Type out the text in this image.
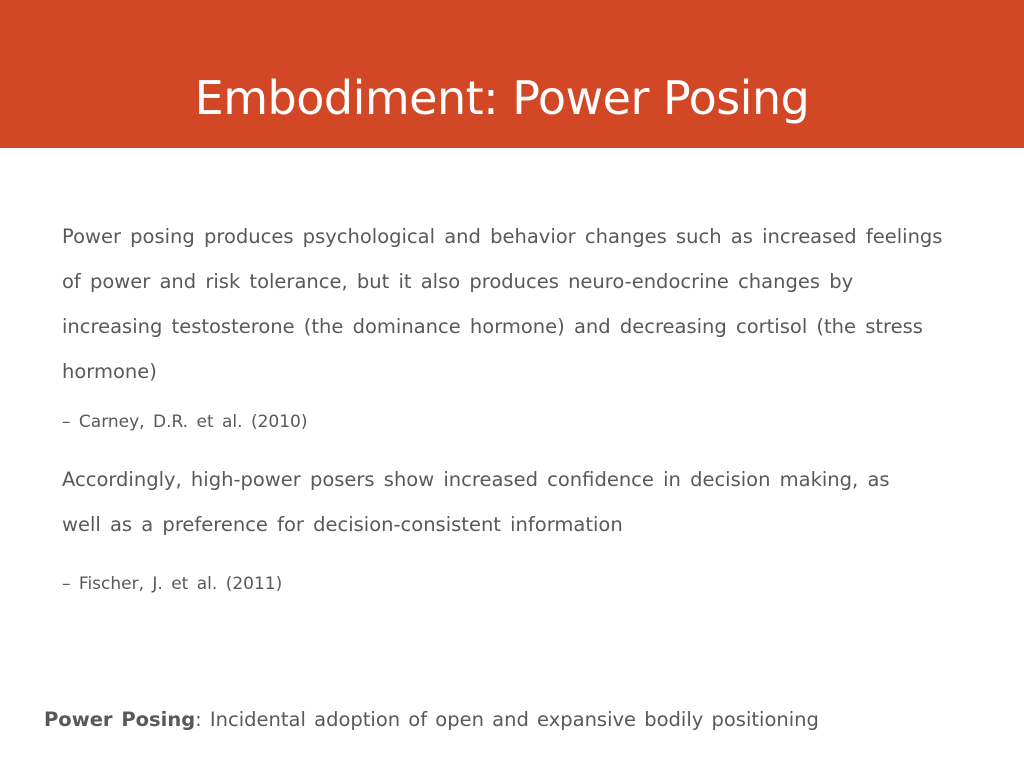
Embodiment: Power Posing

Power posing produces psychological and behavior changes such as increased feelings of power and risk tolerance, but it also produces neuro-endocrine changes by increasing testosterone (the dominance hormone) and decreasing cortisol (the stress hormone)

– Carney, D.R. et al. (2010)

Accordingly, high-power posers show increased confidence in decision making, as well as a preference for decision-consistent information

– Fischer, J. et al. (2011)

Power Posing: Incidental adoption of open and expansive bodily positioning
